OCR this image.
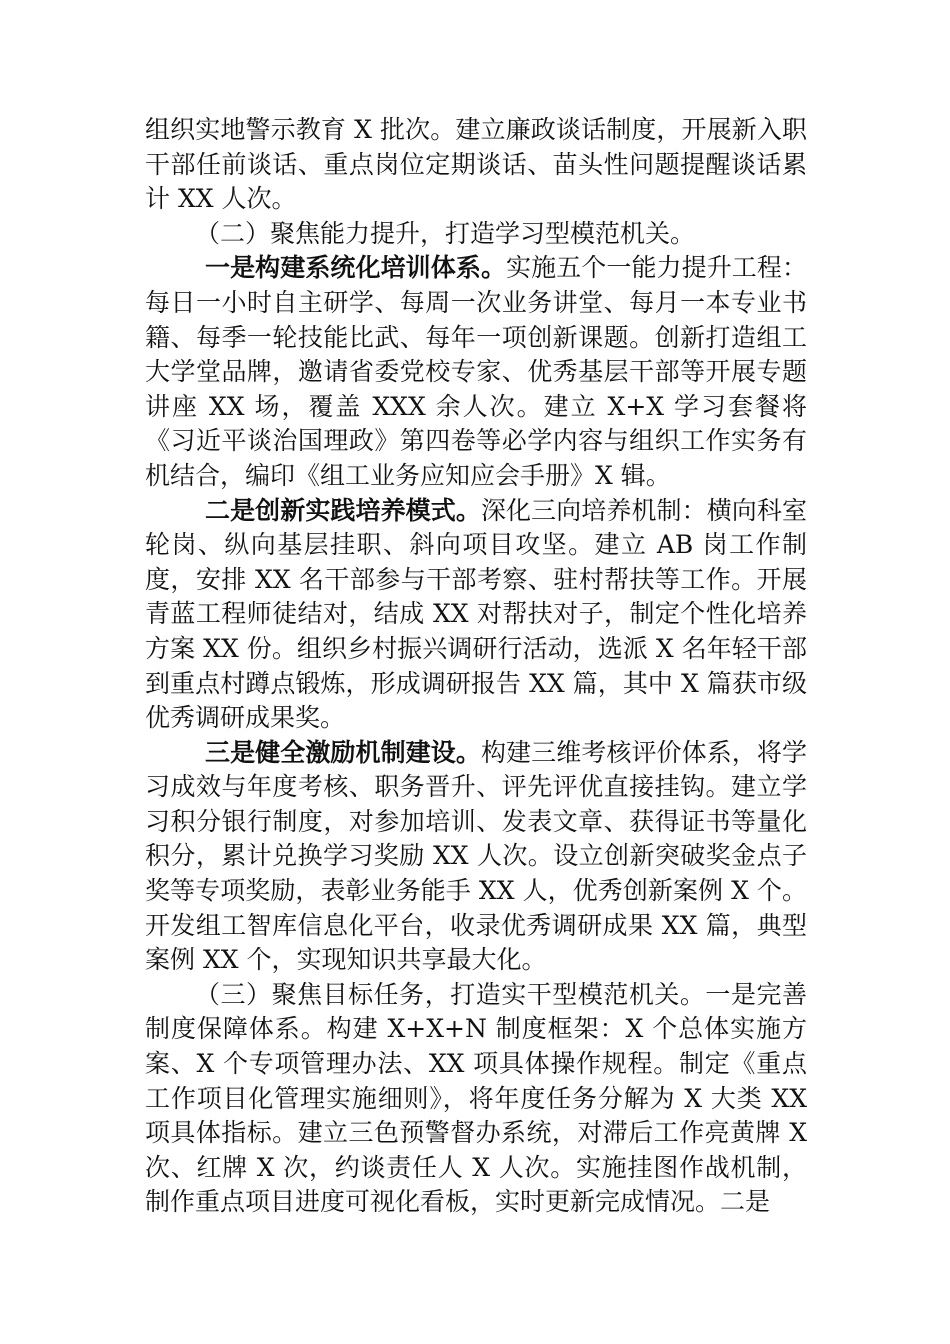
组织实地警示教育 X 批次。建立廉政谈话制度，开展新入职干部任前谈话、重点岗位定期谈话、苗头性问题提醒谈话累计 XX 人次。

（二）聚焦能力提升，打造学习型模范机关。

一是构建系统化培训体系。实施五个一能力提升工程：每日一小时自主研学、每周一次业务讲堂、每月一本专业书籍、每季一轮技能比武、每年一项创新课题。创新打造组工大学堂品牌，邀请省委党校专家、优秀基层干部等开展专题讲座 XX 场，覆盖 XXX 余人次。建立 X+X 学习套餐将《习近平谈治国理政》第四卷等必学内容与组织工作实务有机结合，编印《组工业务应知应会手册》X 辑。

二是创新实践培养模式。深化三向培养机制：横向科室轮岗、纵向基层挂职、斜向项目攻坚。建立 AB 岗工作制度，安排 XX 名干部参与干部考察、驻村帮扶等工作。开展青蓝工程师徒结对，结成 XX 对帮扶对子，制定个性化培养方案 XX 份。组织乡村振兴调研行活动，选派 X 名年轻干部到重点村蹲点锻炼，形成调研报告 XX 篇，其中 X 篇获市级优秀调研成果奖。

三是健全激励机制建设。构建三维考核评价体系，将学习成效与年度考核、职务晋升、评先评优直接挂钩。建立学习积分银行制度，对参加培训、发表文章、获得证书等量化积分，累计兑换学习奖励 XX 人次。设立创新突破奖金点子奖等专项奖励，表彰业务能手 XX 人，优秀创新案例 X 个。开发组工智库信息化平台，收录优秀调研成果 XX 篇，典型案例 XX 个，实现知识共享最大化。

（三）聚焦目标任务，打造实干型模范机关。一是完善制度保障体系。构建 X+X+N 制度框架：X 个总体实施方案、X 个专项管理办法、XX 项具体操作规程。制定《重点工作项目化管理实施细则》，将年度任务分解为 X 大类 XX 项具体指标。建立三色预警督办系统，对滞后工作亮黄牌 X 次、红牌 X 次，约谈责任人 X 人次。实施挂图作战机制，制作重点项目进度可视化看板，实时更新完成情况。二是
